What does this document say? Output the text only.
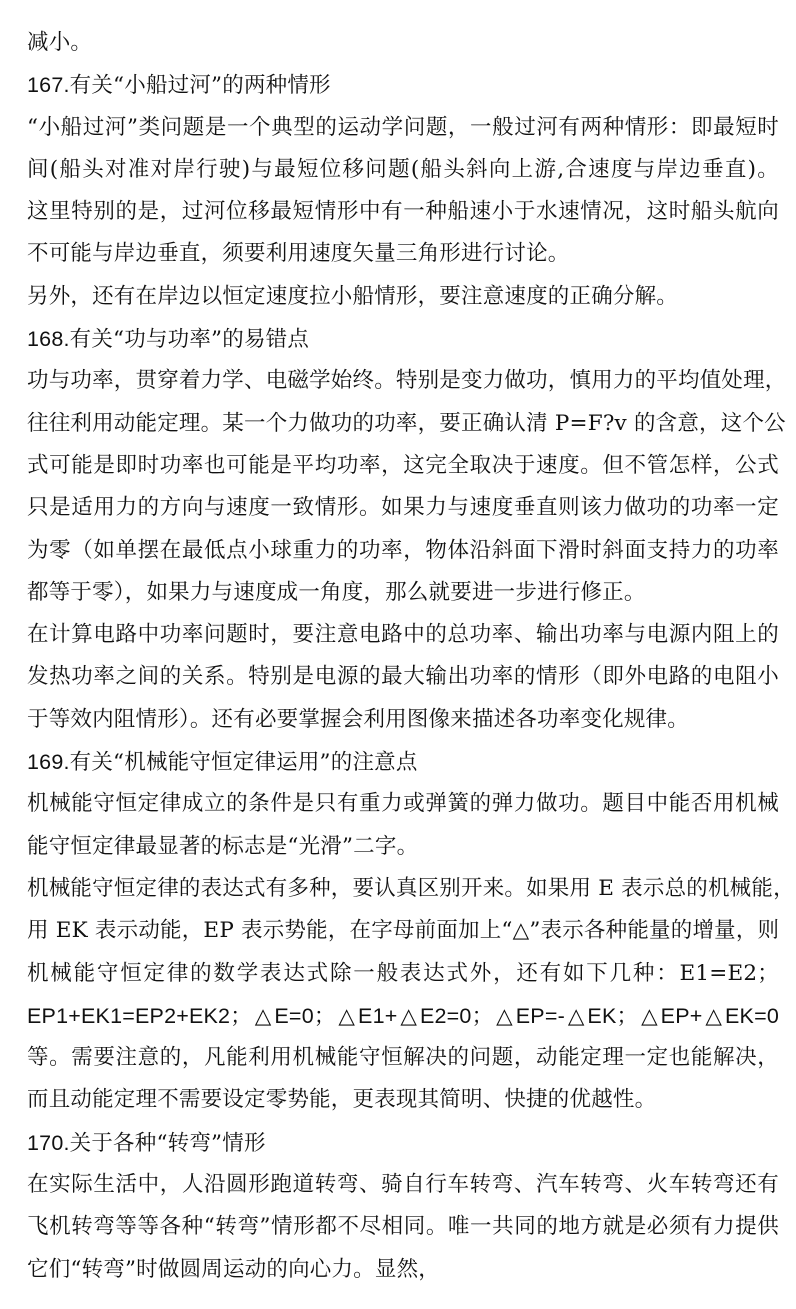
减小。
167.有关“小船过河”的两种情形
“小船过河”类问题是一个典型的运动学问题，一般过河有两种情形：即最短时
间(船头对准对岸行驶)与最短位移问题(船头斜向上游,合速度与岸边垂直)。
这里特别的是，过河位移最短情形中有一种船速小于水速情况，这时船头航向
不可能与岸边垂直，须要利用速度矢量三角形进行讨论。
另外，还有在岸边以恒定速度拉小船情形，要注意速度的正确分解。
168.有关“功与功率”的易错点
功与功率，贯穿着力学、电磁学始终。特别是变力做功，慎用力的平均值处理，
往往利用动能定理。某一个力做功的功率，要正确认清 P=F?v 的含意，这个公
式可能是即时功率也可能是平均功率，这完全取决于速度。但不管怎样，公式
只是适用力的方向与速度一致情形。如果力与速度垂直则该力做功的功率一定
为零（如单摆在最低点小球重力的功率，物体沿斜面下滑时斜面支持力的功率
都等于零），如果力与速度成一角度，那么就要进一步进行修正。
在计算电路中功率问题时，要注意电路中的总功率、输出功率与电源内阻上的
发热功率之间的关系。特别是电源的最大输出功率的情形（即外电路的电阻小
于等效内阻情形）。还有必要掌握会利用图像来描述各功率变化规律。
169.有关“机械能守恒定律运用”的注意点
机械能守恒定律成立的条件是只有重力或弹簧的弹力做功。题目中能否用机械
能守恒定律最显著的标志是“光滑”二字。
机械能守恒定律的表达式有多种，要认真区别开来。如果用 E 表示总的机械能，
用 EK 表示动能，EP 表示势能，在字母前面加上“△”表示各种能量的增量，则
机械能守恒定律的数学表达式除一般表达式外，还有如下几种：E1=E2；
EP1+EK1=EP2+EK2；△E=0；△E1+△E2=0；△EP=-△EK；△EP+△EK=0
等。需要注意的，凡能利用机械能守恒解决的问题，动能定理一定也能解决，
而且动能定理不需要设定零势能，更表现其简明、快捷的优越性。
170.关于各种“转弯”情形
在实际生活中，人沿圆形跑道转弯、骑自行车转弯、汽车转弯、火车转弯还有
飞机转弯等等各种“转弯”情形都不尽相同。唯一共同的地方就是必须有力提供
它们“转弯”时做圆周运动的向心力。显然，
